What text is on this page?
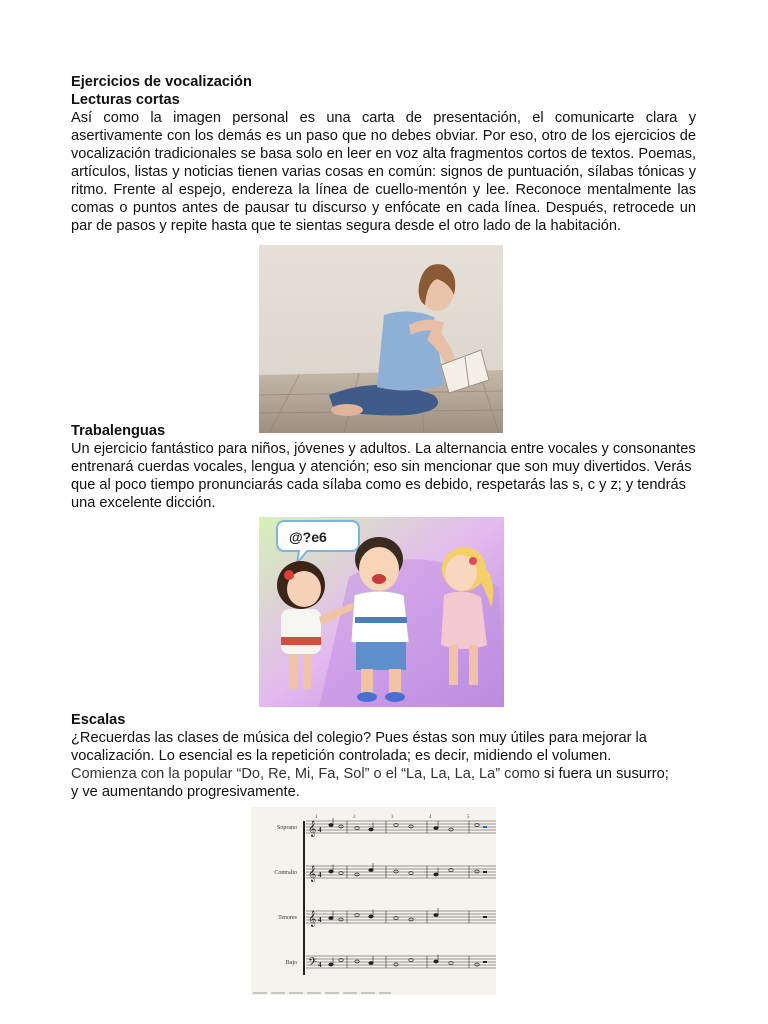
Ejercicios de vocalización

Lecturas cortas

Así como la imagen personal es una carta de presentación, el comunicarte clara y asertivamente con los demás es un paso que no debes obviar. Por eso, otro de los ejercicios de vocalización tradicionales se basa solo en leer en voz alta fragmentos cortos de textos. Poemas, artículos, listas y noticias tienen varias cosas en común: signos de puntuación, sílabas tónicas y ritmo. Frente al espejo, endereza la línea de cuello-mentón y lee. Reconoce mentalmente las comas o puntos antes de pausar tu discurso y enfócate en cada línea. Después, retrocede un par de pasos y repite hasta que te sientas segura desde el otro lado de la habitación.

Trabalenguas

Un ejercicio fantástico para niños, jóvenes y adultos. La alternancia entre vocales y consonantes entrenará cuerdas vocales, lengua y atención; eso sin mencionar que son muy divertidos. Verás que al poco tiempo pronunciarás cada sílaba como es debido, respetarás las s, c y z; y tendrás una excelente dicción.

@?e6

Escalas

¿Recuerdas las clases de música del colegio? Pues éstas son muy útiles para mejorar la vocalización. Lo esencial es la repetición controlada; es decir, midiendo el volumen.

Comienza con la popular “Do, Re, Mi, Fa, Sol” o el “La, La, La, La” como si fuera un susurro;

y ve aumentando progresivamente.

1	2	3	4	5
Soprano 𝄞 4
Contralto 𝄞 4
Tenores 𝄞 4
Bajo 𝄢 4
